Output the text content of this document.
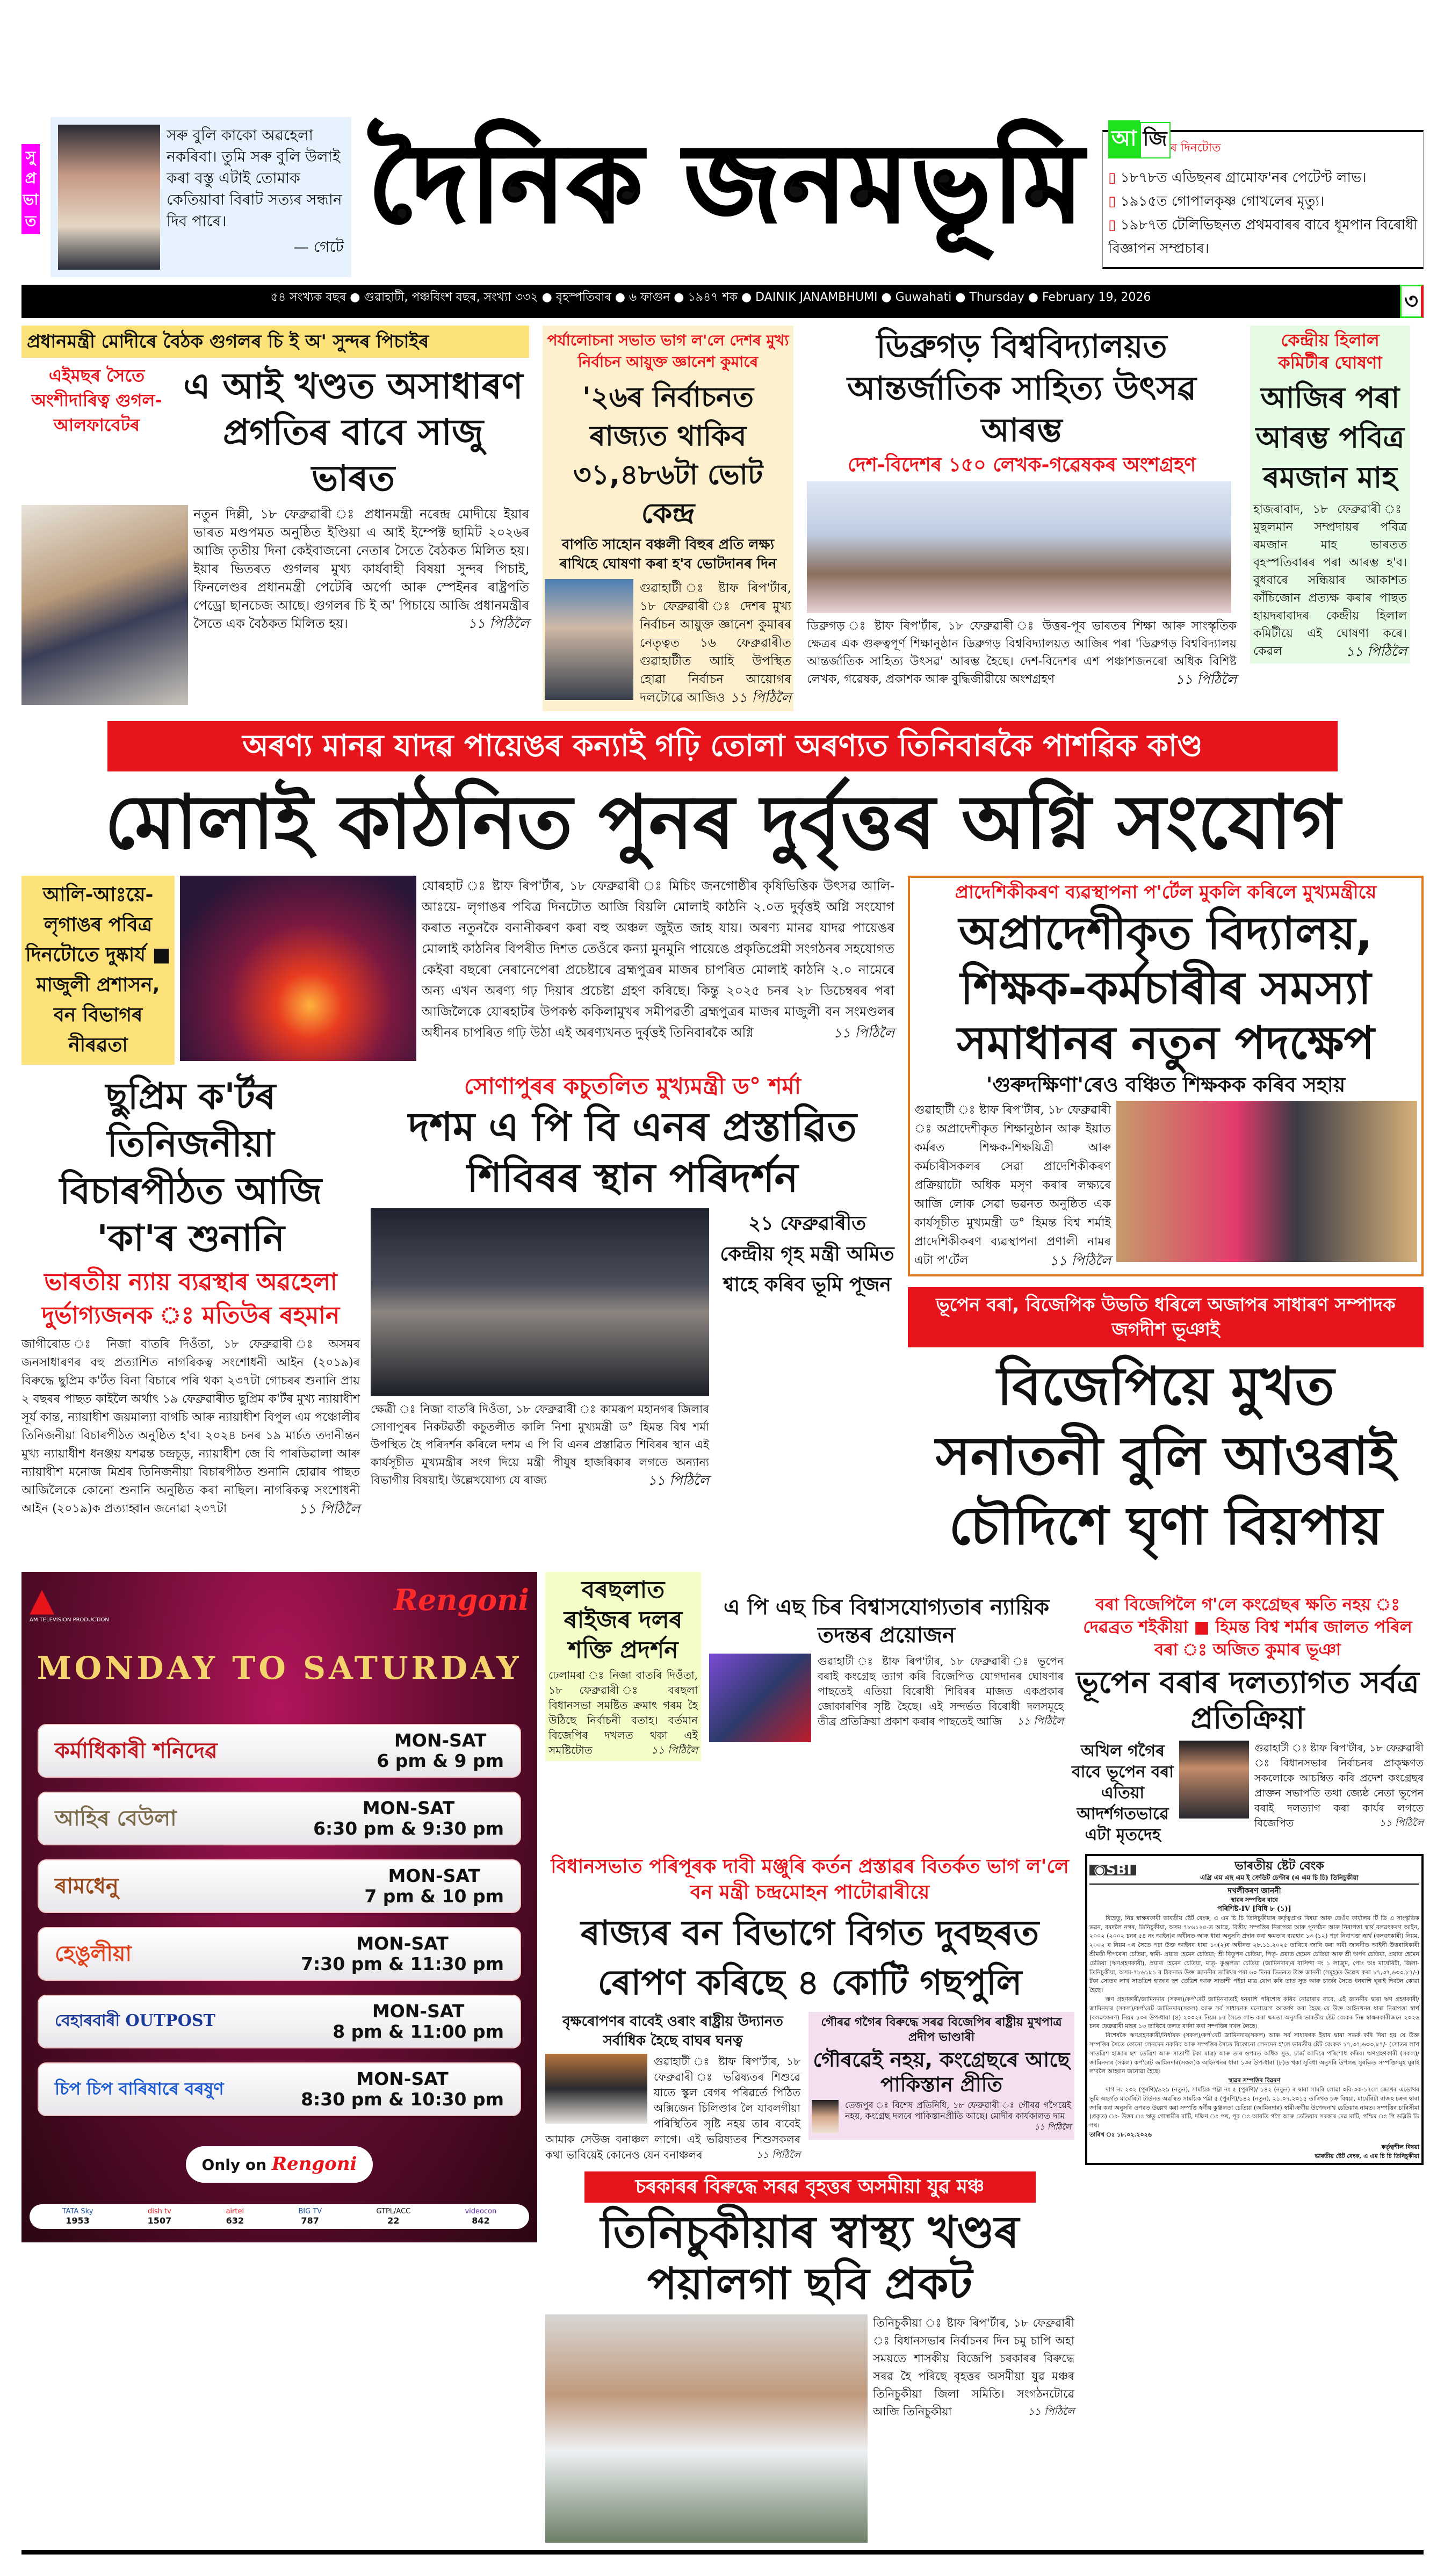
সু প্ৰ ভা ত
সৰু বুলি কাকো অৱহেলা নকৰিবা। তুমি সৰু বুলি উলাই কৰা বস্তু এটাই তোমাক কেতিয়াবা বিৰাট সত্যৰ সন্ধান দিব পাৰে।
— গেটে
দৈনিক জনমভূমি আ জি ৰ দিনটোত
▯ ১৮৭৮ত এডিছনৰ গ্ৰামোফ'নৰ পেটেণ্ট লাভ।
▯ ১৯১৫ত গোপালকৃষ্ণ গোখলেৰ মৃত্যু।
▯ ১৯৮৭ত টেলিভিছনত প্ৰথমবাৰৰ বাবে ধূমপান বিৰোধী বিজ্ঞাপন সম্প্ৰচাৰ।
৫৪ সংখ্যক বছৰ ● গুৱাহাটী, পঞ্চবিংশ বছৰ, সংখ্যা ৩৩২ ● বৃহস্পতিবাৰ ● ৬ ফাগুন ● ১৯৪৭ শক ● DAINIK JANAMBHUMI ● Guwahati ● Thursday ● February 19, 2026	৩
প্ৰধানমন্ত্ৰী মোদীৰে বৈঠক গুগলৰ চি ই অ' সুন্দৰ পিচাইৰ
এইমছৰ সৈতে অংশীদাৰিত্ব গুগল-আলফাবেটৰ
এ আই খণ্ডত অসাধাৰণ প্ৰগতিৰ বাবে সাজু ভাৰত
নতুন দিল্লী, ১৮ ফেব্ৰুৱাৰী ঃ প্ৰধানমন্ত্ৰী নৰেন্দ্ৰ মোদীয়ে ইয়াৰ ভাৰত মণ্ডপমত অনুষ্ঠিত ইণ্ডিয়া এ আই ইম্পেক্ট ছামিট ২০২৬ৰ আজি তৃতীয় দিনা কেইবাজনো নেতাৰ সৈতে বৈঠকত মিলিত হয়। ইয়াৰ ভিতৰত গুগলৰ মুখ্য কাৰ্যবাহী বিষয়া সুন্দৰ পিচাই, ফিনলেণ্ডৰ প্ৰধানমন্ত্ৰী পেটেৰি অৰ্পো আৰু স্পেইনৰ ৰাষ্ট্ৰপতি পেড্ৰো ছানচেজ আছে। গুগলৰ চি ই অ' পিচায়ে আজি প্ৰধানমন্ত্ৰীৰ সৈতে এক বৈঠকত মিলিত হয়।	১১ পিঠিলৈ
পৰ্যালোচনা সভাত ভাগ ল'লে দেশৰ মুখ্য নিৰ্বাচন আয়ুক্ত জ্ঞানেশ কুমাৰে
'২৬ৰ নিৰ্বাচনত ৰাজ্যত থাকিব ৩১,৪৮৬টা ভোট কেন্দ্ৰ
বাপতি সাহোন বঞ্চলী বিহুৰ প্ৰতি লক্ষ্য ৰাখিহে ঘোষণা কৰা হ'ব ভোটদানৰ দিন
গুৱাহাটী ঃ ষ্টাফ ৰিপ'ৰ্টাৰ, ১৮ ফেব্ৰুৱাৰী ঃ দেশৰ মুখ্য নিৰ্বাচন আয়ুক্ত জ্ঞানেশ কুমাৰৰ নেতৃত্বত ১৬ ফেব্ৰুৱাৰীত গুৱাহাটীত আহি উপস্থিত হোৱা নিৰ্বাচন আয়োগৰ দলটোৱে আজিও ১১ পিঠিলৈ
ডিব্ৰুগড় বিশ্ববিদ্যালয়ত আন্তৰ্জাতিক সাহিত্য উৎসৱ আৰম্ভ
দেশ-বিদেশৰ ১৫০ লেখক-গৱেষকৰ অংশগ্ৰহণ
ডিব্ৰুগড় ঃ ষ্টাফ ৰিপ'ৰ্টাৰ, ১৮ ফেব্ৰুৱাৰী ঃ উত্তৰ-পূব ভাৰতৰ শিক্ষা আৰু সাংস্কৃতিক ক্ষেত্ৰৰ এক গুৰুত্বপূৰ্ণ শিক্ষানুষ্ঠান ডিব্ৰুগড় বিশ্ববিদ্যালয়ত আজিৰ পৰা 'ডিব্ৰুগড় বিশ্ববিদ্যালয় আন্তৰ্জাতিক সাহিত্য উৎসৱ' আৰম্ভ হৈছে। দেশ-বিদেশৰ এশ পঞ্চাশজনৰো অধিক বিশিষ্ট লেখক, গৱেষক, প্ৰকাশক আৰু বুদ্ধিজীৱীয়ে অংশগ্ৰহণ	১১ পিঠিলৈ
কেন্দ্ৰীয় হিলাল কমিটীৰ ঘোষণা
আজিৰ পৰা আৰম্ভ পবিত্ৰ ৰমজান মাহ
হাজৰাবাদ, ১৮ ফেব্ৰুৱাৰী ঃ মুছলমান সম্প্ৰদায়ৰ পবিত্ৰ ৰমজান মাহ ভাৰতত বৃহস্পতিবাৰৰ পৰা আৰম্ভ হ'ব। বুধবাৰে সন্ধিয়াৰ আকাশত কাঁচিজোন প্ৰত্যক্ষ কৰাৰ পাছত হায়দৰাবাদৰ কেন্দ্ৰীয় হিলাল কমিটীয়ে এই ঘোষণা কৰে। কেৱল	১১ পিঠিলৈ
অৰণ্য মানৱ যাদৱ পায়েঙৰ কন্যাই গঢ়ি তোলা অৰণ্যত তিনিবাৰকৈ পাশৱিক কাণ্ড
মোলাই কাঠনিত পুনৰ দুৰ্বৃত্তৰ অগ্নি সংযোগ
আলি-আঃয়ে-লৃগাঙৰ পবিত্ৰ দিনটোতে দুষ্কাৰ্য ■ মাজুলী প্ৰশাসন, বন বিভাগৰ নীৰৱতা
যোৰহাট ঃ ষ্টাফ ৰিপ'ৰ্টাৰ, ১৮ ফেব্ৰুৱাৰী ঃ মিচিং জনগোষ্ঠীৰ কৃষিভিত্তিক উৎসৱ আলি-আঃয়ে- লৃগাঙৰ পবিত্ৰ দিনটোত আজি বিয়লি মোলাই কাঠনি ২.০ত দুৰ্বৃত্তই অগ্নি সংযোগ কৰাত নতুনকৈ বনানীকৰণ কৰা বহু অঞ্চল জুইত জাহ যায়। অৰণ্য মানৱ যাদৱ পায়েঙৰ মোলাই কাঠনিৰ বিপৰীত দিশত তেওঁৰে কন্যা মুনমুনি পায়েঙে প্ৰকৃতিপ্ৰেমী সংগঠনৰ সহযোগত কেইবা বছৰো নেৰানেপেৰা প্ৰচেষ্টাৰে ব্ৰহ্মপুত্ৰৰ মাজৰ চাপৰিত মোলাই কাঠনি ২.০ নামেৰে অন্য এখন অৰণ্য গঢ় দিয়াৰ প্ৰচেষ্টা গ্ৰহণ কৰিছে। কিন্তু ২০২৫ চনৰ ২৮ ডিচেম্বৰৰ পৰা আজিলৈকে যোৰহাটৰ উপকণ্ঠ ককিলামুখৰ সমীপৱৰ্তী ব্ৰহ্মপুত্ৰৰ মাজৰ মাজুলী বন সংমণ্ডলৰ অধীনৰ চাপৰিত গঢ়ি উঠা এই অৰণ্যখনত দুৰ্বৃত্তই তিনিবাৰকৈ অগ্নি	১১ পিঠিলৈ
ছুপ্ৰিম ক'ৰ্টৰ তিনিজনীয়া বিচাৰপীঠত আজি 'কা'ৰ শুনানি
ভাৰতীয় ন্যায় ব্যৱস্থাৰ অৱহেলা দুৰ্ভাগ্যজনক ঃ মতিউৰ ৰহমান
জাগীৰোড ঃ নিজা বাতৰি দিওঁতা, ১৮ ফেব্ৰুৱাৰী ঃ অসমৰ জনসাধাৰণৰ বহু প্ৰত্যাশিত নাগৰিকত্ব সংশোধনী আইন (২০১৯)ৰ বিৰুদ্ধে ছুপ্ৰিম ক'ৰ্টত বিনা বিচাৰে পৰি থকা ২৩৭টা গোচৰৰ শুনানি প্ৰায় ২ বছৰৰ পাছত কাইলৈ অৰ্থাৎ ১৯ ফেব্ৰুৱাৰীত ছুপ্ৰিম ক'ৰ্টৰ মুখ্য ন্যায়াধীশ সূৰ্য কান্ত, ন্যায়াধীশ জয়মাল্যা বাগচি আৰু ন্যায়াধীশ বিপুল এম পঞ্চোলীৰ তিনিজনীয়া বিচাৰপীঠত অনুষ্ঠিত হ'ব। ২০২৪ চনৰ ১৯ মাৰ্চত তদানীন্তন মুখ্য ন্যায়াধীশ ধনঞ্জয় যশৱন্ত চন্দ্ৰচূড়, ন্যায়াধীশ জে বি পাৰডিৱালা আৰু ন্যায়াধীশ মনোজ মিশ্ৰৰ তিনিজনীয়া বিচাৰপীঠত শুনানি হোৱাৰ পাছত আজিলৈকে কোনো শুনানি অনুষ্ঠিত কৰা নাছিল। নাগৰিকত্ব সংশোধনী আইন (২০১৯)ক প্ৰত্যাহ্বান জনোৱা ২৩৭টা	১১ পিঠিলৈ
সোণাপুৰৰ কচুতলিত মুখ্যমন্ত্ৰী ড° শৰ্মা
দশম এ পি বি এনৰ প্ৰস্তাৱিত শিবিৰৰ স্থান পৰিদৰ্শন
ক্ষেত্ৰী ঃ নিজা বাতৰি দিওঁতা, ১৮ ফেব্ৰুৱাৰী ঃ কামৰূপ মহানগৰ জিলাৰ সোণাপুৰৰ নিকটৱৰ্তী কচুতলীত কালি নিশা মুখ্যমন্ত্ৰী ড° হিমন্ত বিশ্ব শৰ্মা উপস্থিত হৈ পৰিদৰ্শন কৰিলে দশম এ পি বি এনৰ প্ৰস্তাৱিত শিবিৰৰ স্থান এই কাৰ্যসূচীত মুখ্যমন্ত্ৰীৰ সংগ দিয়ে মন্ত্ৰী পীযুষ হাজৰিকাৰ লগতে অন্যান্য বিভাগীয় বিষয়াই। উল্লেখযোগ্য যে ৰাজ্য	১১ পিঠিলৈ
২১ ফেব্ৰুৱাৰীত কেন্দ্ৰীয় গৃহ মন্ত্ৰী অমিত শ্বাহে কৰিব ভূমি পূজন
প্ৰাদেশিকীকৰণ ব্যৱস্থাপনা প'ৰ্টেল মুকলি কৰিলে মুখ্যমন্ত্ৰীয়ে
অপ্ৰাদেশীকৃত বিদ্যালয়, শিক্ষক-কৰ্মচাৰীৰ সমস্যা সমাধানৰ নতুন পদক্ষেপ
'গুৰুদক্ষিণা'ৰেও বঞ্চিত শিক্ষকক কৰিব সহায়
গুৱাহাটী ঃ ষ্টাফ ৰিপ'ৰ্টাৰ, ১৮ ফেব্ৰুৱাৰী ঃ অপ্ৰাদেশীকৃত শিক্ষানুষ্ঠান আৰু ইয়াত কৰ্মৰত শিক্ষক-শিক্ষয়িত্ৰী আৰু কৰ্মচাৰীসকলৰ সেৱা প্ৰাদেশিকীকৰণ প্ৰক্ৰিয়াটো অধিক মসৃণ কৰাৰ লক্ষ্যৰে আজি লোক সেৱা ভৱনত অনুষ্ঠিত এক কাৰ্যসূচীত মুখ্যমন্ত্ৰী ড° হিমন্ত বিশ্ব শৰ্মাই প্ৰাদেশিকীকৰণ ব্যৱস্থাপনা প্ৰণালী নামৰ এটা প'ৰ্টেল	১১ পিঠিলৈ
ভূপেন বৰা, বিজেপিক উভতি ধৰিলে অজাপৰ সাধাৰণ সম্পাদক জগদীশ ভূঞাই
বিজেপিয়ে মুখত সনাতনী বুলি আওৰাই চৌদিশে ঘৃণা বিয়পায়
▲
AM TELEVISION PRODUCTION
Rengoni
MONDAY TO SATURDAY
কৰ্মাধিকাৰী শনিদেৱ	MON-SAT
6 pm & 9 pm
আহিৰ বেউলা	MON-SAT
6:30 pm & 9:30 pm
ৰামধেনু	MON-SAT
7 pm & 10 pm
হেঙুলীয়া	MON-SAT
7:30 pm & 11:30 pm
বেহাৰবাৰী OUTPOST	MON-SAT
8 pm & 11:00 pm
চিপ চিপ বাৰিষাৰে বৰষুণ	MON-SAT
8:30 pm & 10:30 pm
Only on Rengoni
TATA Sky
1953
dish tv
1507
airtel
632
BIG TV
787
GTPL/ACC
22
videocon
842
বৰছলাত ৰাইজৰ দলৰ শক্তি প্ৰদৰ্শন
ঢেলামৰা ঃ নিজা বাতৰি দিওঁতা, ১৮ ফেব্ৰুৱাৰী ঃ বৰছলা বিধানসভা সমষ্টিত ক্ৰমাৎ গৰম হৈ উঠিছে নিৰ্বাচনী বতাহ। বৰ্তমান বিজেপিৰ দখলত থকা এই সমষ্টিটোত	১১ পিঠিলৈ
এ পি এছ চিৰ বিশ্বাসযোগ্যতাৰ ন্যায়িক তদন্তৰ প্ৰয়োজন
গুৱাহাটী ঃ ষ্টাফ ৰিপ'ৰ্টাৰ, ১৮ ফেব্ৰুৱাৰী ঃ ভূপেন বৰাই কংগ্ৰেছ ত্যাগ কৰি বিজেপিত যোগদানৰ ঘোষণাৰ পাছতেই এতিয়া বিৰোধী শিবিৰৰ মাজত একপ্ৰকাৰ জোকাৰণিৰ সৃষ্টি হৈছে। এই সন্দৰ্ভত বিৰোধী দলসমূহে তীব্ৰ প্ৰতিক্ৰিয়া প্ৰকাশ কৰাৰ পাছতেই আজি ১১ পিঠিলৈ
বৰা বিজেপিলৈ গ'লে কংগ্ৰেছৰ ক্ষতি নহয় ঃ দেৱব্ৰত শইকীয়া ■ হিমন্ত বিশ্ব শৰ্মাৰ জালত পৰিল বৰা ঃ অজিত কুমাৰ ভূঞা
ভূপেন বৰাৰ দলত্যাগত সৰ্বত্ৰ প্ৰতিক্ৰিয়া
অখিল গগৈৰ বাবে ভূপেন বৰা এতিয়া আদৰ্শগতভাৱে এটা মৃতদেহ
গুৱাহাটী ঃ ষ্টাফ ৰিপ'ৰ্টাৰ, ১৮ ফেব্ৰুৱাৰী ঃ বিধানসভাৰ নিৰ্বাচনৰ প্ৰাক্‌ক্ষণত সকলোকে আচম্বিত কৰি প্ৰদেশ কংগ্ৰেছৰ প্ৰাক্তন সভাপতি তথা জ্যেষ্ঠ নেতা ভূপেন বৰাই দলত্যাগ কৰা কাৰ্যৰ লগতে বিজেপিত	১১ পিঠিলৈ
বিধানসভাত পৰিপূৰক দাবী মঞ্জুৰি কৰ্তন প্ৰস্তাৱৰ বিতৰ্কত ভাগ ল'লে বন মন্ত্ৰী চন্দ্ৰমোহন পাটোৱাৰীয়ে
ৰাজ্যৰ বন বিভাগে বিগত দুবছৰত ৰোপণ কৰিছে ৪ কোটি গছপুলি
বৃক্ষৰোপণৰ বাবেই ওৰাং ৰাষ্ট্ৰীয় উদ্যানত সৰ্বাধিক হৈছে বাঘৰ ঘনত্ব
গুৱাহাটী ঃ ষ্টাফ ৰিপ'ৰ্টাৰ, ১৮ ফেব্ৰুৱাৰী ঃ ভৱিষ্যতৰ শিশুৱে যাতে স্কুল বেগৰ পৰিৱৰ্তে পিঠিত অক্সিজেন চিলিণ্ডাৰ লৈ যাবলগীয়া পৰিস্থিতিৰ সৃষ্টি নহয় তাৰ বাবেই আমাক সেউজ বনাঞ্চল লাগে। এই ভৱিষ্যতৰ শিশুসকলৰ কথা ভাবিয়েই কোনেও যেন বনাঞ্চলৰ	১১ পিঠিলৈ
গৌৰৱ গগৈৰ বিৰুদ্ধে সৰৱ বিজেপিৰ ৰাষ্ট্ৰীয় মুখপাত্ৰ প্ৰদীপ ভাণ্ডাৰী
গৌৰৱেই নহয়, কংগ্ৰেছৰে আছে পাকিস্তান প্ৰীতি
তেজপুৰ ঃ বিশেষ প্ৰতিনিধি, ১৮ ফেব্ৰুৱাৰী ঃ গৌৰৱ গগৈয়েই নহয়, কংগ্ৰেছ দলৰে পাকিস্তানপ্ৰীতি আছে। মোদীৰ কাৰ্যকালত দাম
১১ পিঠিলৈ
চৰকাৰৰ বিৰুদ্ধে সৰৱ বৃহত্তৰ অসমীয়া যুৱ মঞ্চ
তিনিচুকীয়াৰ স্বাস্থ্য খণ্ডৰ পয়ালগা ছবি প্ৰকট
তিনিচুকীয়া ঃ ষ্টাফ ৰিপ'ৰ্টাৰ, ১৮ ফেব্ৰুৱাৰী ঃ বিধানসভাৰ নিৰ্বাচনৰ দিন চমু চাপি অহা সময়তে শাসকীয় বিজেপি চৰকাৰৰ বিৰুদ্ধে সৰৱ হৈ পৰিছে বৃহত্তৰ অসমীয়া যুৱ মঞ্চৰ তিনিচুকীয়া জিলা সমিতি। সংগঠনটোৱে আজি তিনিচুকীয়া	১১ পিঠিলৈ
◉SBI	ভাৰতীয় ষ্টেট বেংক
এগ্ৰি এম এছ এম ই ক্ৰেডিট চেণ্টাৰ (এ এম চি চি) তিনিচুকীয়া
দখলীকৰণ জাননী
স্থাৱৰ সম্পত্তিৰ বাবে
পৰিশিষ্ট-IV [বিধি ৮ (১)]

যিহেতু, নিম্ন স্বাক্ষৰকাৰী ভাৰতীয় ষ্টেট বেংক, এ এম চি চি তিনিচুকীয়াৰ কৰ্তৃত্বপ্ৰাপ্ত বিষয়া আৰু তেওঁৰ কাৰ্যালয় টি ডি এ সাংস্কৃতিক ভৱন, বৰদলৈ নগৰ, তিনিচুকীয়া, অসম ৭৮৬১২৫-ত আছে, বিত্তীয় সম্পত্তিৰ নিৰাপত্তা আৰু পুনৰ্গঠন আৰু নিৰাপত্তা স্বাৰ্থ বলৱৎকৰণ আইন, ২০০২ (২০০২ চনৰ ৫৪ নং আইন)ৰ অধীনত আৰু ধাৰা অনুসৰি প্ৰদান কৰা ক্ষমতাৰ ব্যৱহাৰ ১৩ (১২) পঢ়া নিৰাপত্তা স্বাৰ্থ (বলৱৎকাৰী) নিয়ম, ২০০২ ৰ নিয়ম ৩ৰ সৈতে পঢ়া উক্ত আইনৰ ধাৰা ১৩(২)ৰ অধীনত ২৮.১১.২০২৫ তাৰিখে জাৰি কৰা দাবী জাননীত আইনী উত্তৰাধিকাৰী শ্ৰীমতী দীপৰেখা চেতিয়া, স্বামী- প্ৰয়াত হেমেন চেতিয়া; শ্ৰী বিতুপন চেতিয়া, পিতৃ- প্ৰয়াত হেমেন চেতিয়া আৰু শ্ৰী অৰ্পণ চেতিয়া, প্ৰয়াত হেমেন চেতিয়া (ঋণগ্ৰহণকাৰী), প্ৰয়াত হেমেন চেতিয়া, মাতৃ- কুঞ্জলতা চেতিয়া (জামিনদাৰ)ৰ বাসিন্দা নং ১ লাজুম, পোঃ অঃ মাৰ্ঘেৰিটা, জিলা- তিনিচুকীয়া, অসম-৭৮৬১৮১ ৰ ঠিকনাত উক্ত জাননীৰ তাৰিখৰ পৰা ৬০ দিনৰ ভিতৰত উক্ত জাননী (সমূহ)ত উল্লেখ কৰা ১৭,৩৭,৬৩৩.৮৭/-) টকা সোতৰ লাখ সাতত্ৰিশ হাজাৰ ছশ তেত্ৰিশ আৰু সাতাশী পইচা মাত্ৰ যোগ কৰি তাত সুত আৰু চাৰ্জৰ সৈতে ধনৰাশি ঘূৰাই দিবলৈ কোৱা হৈছে।

ঋণ গ্ৰহণকাৰী/জামিনদাৰ (সকল)/কৰ্প'ৰেট জামিনদাতাই ধনৰাশি পৰিশোধ কৰিব নোৱাৰাৰ বাবে, এই জাননীৰ দ্বাৰা ঋণ গ্ৰহণকাৰী/জামিনদাৰ (সকল)/কৰ্প'ৰেট জামিনদাৰ(সকল) আৰু সৰ্ব সাধাৰণক মনোযোগ আকৰ্ষণ কৰা হৈছে যে উক্ত আইনখনৰ ধাৰা নিৰাপত্তা স্বাৰ্থ (বলৱৎকৰণ) নিয়ম ১৩ৰ উপ-ধাৰা (৪) ২০০২ৰ নিয়ম ৮ৰ সৈতে লাভ কৰা ক্ষমতা অনুসৰি ভাৰতীয় ষ্টেট বেংকৰ নিম্ন স্বাক্ষৰকাৰীজনে ২০২৬ চনৰ ফেব্ৰুৱাৰী মাহৰ ১৩ তাৰিখে তলত বৰ্ণনা কৰা সম্পত্তিৰ দখল লৈছে।

বিশেষকৈ ঋণগ্ৰহণকাৰী/নিৰ্ধাৰক (সকল)/কৰ্প'ৰেট জামিনদাৰ(সকল) আৰু সৰ্ব সাধাৰণক ইয়াৰ দ্বাৰা সতৰ্ক কৰি দিয়া হয় যে উক্ত সম্পত্তিৰ সৈতে কোনো লেনদেন নকৰিব আৰু সম্পত্তিৰ সৈতে যিকোনো লেনদেন হ'লে ভাৰতীয় ষ্টেট বেংকক ১৭,৩৭,৬৩৩.৮৭/- (সোতৰ লাখ সাতত্ৰিশ হাজাৰ ছশ তেত্ৰিশ আৰু সাতাশী টকা মাত্ৰ) আৰু তাৰ ওপৰত অধিক সুত, চাৰ্জ আদিৰে পৰিশোধ কৰিব। ঋণগ্ৰহণকাৰী (সকল)/জামিনদাৰ (সকল) কৰ্প'ৰেট জামিনদাৰ(সকল)ক আইনখনৰ ধাৰা ১৩ৰ উপ-ধাৰা (৮)ত থকা সুবিধা অনুসৰি উপলব্ধ সুৰক্ষিত সম্পত্তিসমূহ ঘূৰাই ল'বলৈ আহ্বান জনোৱা হৈছে।

স্থাৱৰ সম্পত্তিৰ বিৱৰণ

দাগ নং ২৩২ (পুৰণি)/৯২৯ (নতুন), সাময়িক পট্টা নং ৫ (পুৰণি)/ ১৪২ (নতুন) ৰ দ্বাৰা সামৰি লোৱা ০বি-৩ক-১৭লে জোখৰ এডোখৰ ভূমি অন্তৰ্গত মাৰ্ঘেৰিটা টাউনত অৱস্থিত সাময়িক পট্টা ৫ (পুৰণি)/১৪২ (নতুন), ২১.০৭.২০১৫ তাৰিখত চক্ৰ বিষয়া, মাৰ্ঘেৰিটা ৰাজহ চক্ৰৰ দ্বাৰা জাৰি কৰা অনুসৰি ওপৰত উল্লেখ কৰা সম্পত্তি স্বৰ্গীয় কুঞ্জলতা চেতিয়া (জামিনদাৰ) স্বামী-স্বৰ্গীয় উপেন্দ্ৰনাথ চেতিয়াৰ নামত। সম্পত্তিৰ চাৰিসীমা (প্ৰকৃত) ঃ- উত্তৰ ঃ ঋতু গোস্বামীৰ মাটি, দক্ষিণ ঃ পথ, পূব ঃ আৰতি গগৈ আৰু তেতিয়াৰ সৰকাৰ দেৱ মাটি, পশ্চিম ঃ পি ডব্লিউ ডি পথ।

তাৰিখ ঃ ১৮.০২.২০২৬
কৰ্তৃত্বশীল বিষয়া
ভাৰতীয় ষ্টেট বেংক, এ এম চি চি তিনিচুকীয়া
